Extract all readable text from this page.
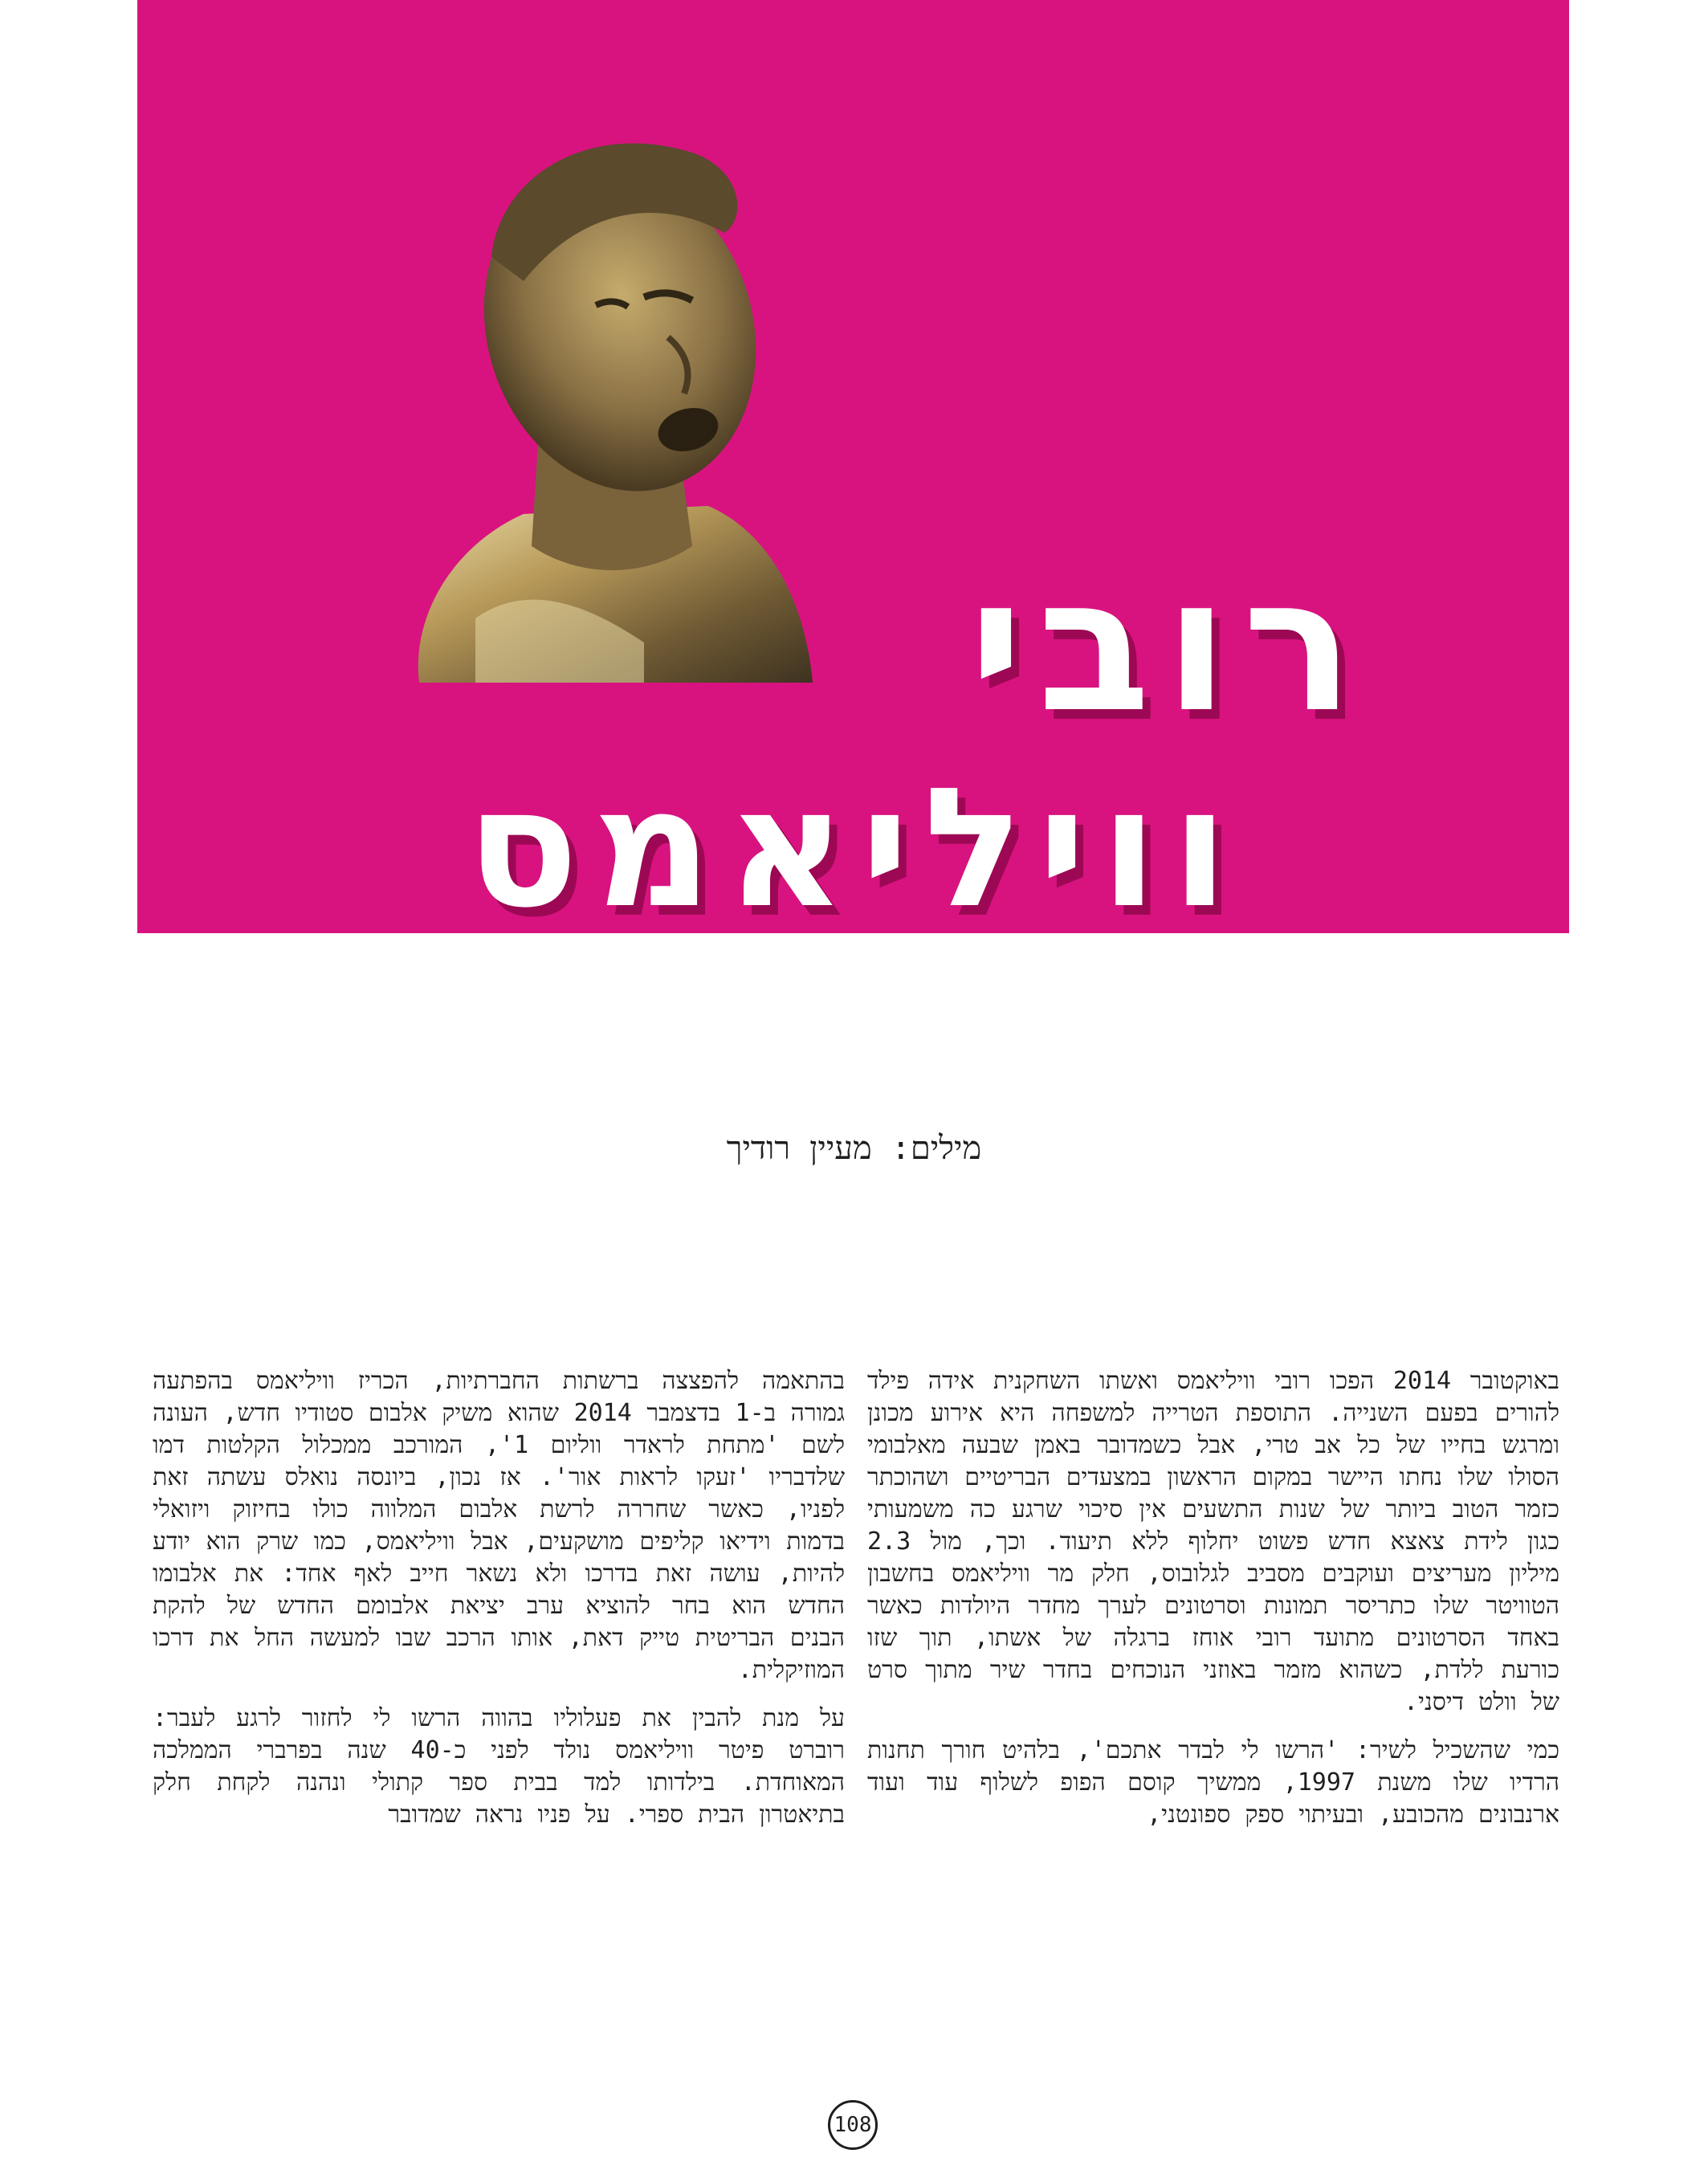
רובי
וויליאמס
מילים: מעיין רודיך

באוקטובר 2014 הפכו רובי וויליאמס ואשתו השחקנית אידה פילד להורים בפעם השנייה. התוספת הטרייה למשפחה היא אירוע מכונן ומרגש בחייו של כל אב טרי, אבל כשמדובר באמן שבעה מאלבומי הסולו שלו נחתו היישר במקום הראשון במצעדים הבריטיים ושהוכתר כזמר הטוב ביותר של שנות התשעים אין סיכוי שרגע כה משמעותי כגון לידת צאצא חדש פשוט יחלוף ללא תיעוד. וכך, מול 2.3 מיליון מעריצים ועוקבים מסביב לגלובוס, חלק מר וויליאמס בחשבון הטוויטר שלו כתריסר תמונות וסרטונים לערך מחדר היולדות כאשר באחד הסרטונים מתועד רובי אוחז ברגלה של אשתו, תוך שזו כורעת ללדת, כשהוא מזמר באוזני הנוכחים בחדר שיר מתוך סרט של וולט דיסני.

כמי שהשכיל לשיר: 'הרשו לי לבדר אתכם', בלהיט חורך תחנות הרדיו שלו משנת 1997, ממשיך קוסם הפופ לשלוף עוד ועוד ארנבונים מהכובע, ובעיתוי ספק ספונטני,

בהתאמה להפצצה ברשתות החברתיות, הכריז וויליאמס בהפתעה גמורה ב-1 בדצמבר 2014 שהוא משיק אלבום סטודיו חדש, העונה לשם 'מתחת לראדר ווליום 1', המורכב ממכלול הקלטות דמו שלדבריו 'זעקו לראות אור'. אז נכון, ביונסה נואלס עשתה זאת לפניו, כאשר שחררה לרשת אלבום המלווה כולו בחיזוק ויזואלי בדמות וידיאו קליפים מושקעים, אבל וויליאמס, כמו שרק הוא יודע להיות, עושה זאת בדרכו ולא נשאר חייב לאף אחד: את אלבומו החדש הוא בחר להוציא ערב יציאת אלבומם החדש של להקת הבנים הבריטית טייק דאת, אותו הרכב שבו למעשה החל את דרכו המוזיקלית.

על מנת להבין את פעלוליו בהווה הרשו לי לחזור לרגע לעבר: רוברט פיטר וויליאמס נולד לפני כ-40 שנה בפרברי הממלכה המאוחדת. בילדותו למד בבית ספר קתולי ונהנה לקחת חלק בתיאטרון הבית ספרי. על פניו נראה שמדובר

108
